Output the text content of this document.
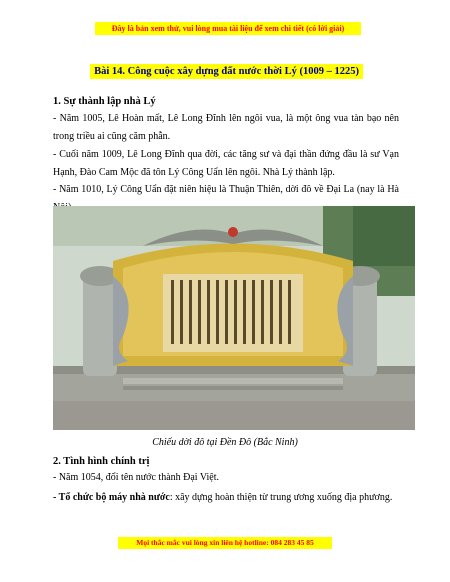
Đây là bản xem thử, vui lòng mua tài liệu để xem chi tiết (có lời giải)
Bài 14. Công cuộc xây dựng đất nước thời Lý (1009 – 1225)
1. Sự thành lập nhà Lý
- Năm 1005, Lê Hoàn mất, Lê Long Đĩnh lên ngôi vua, là một ông vua tàn bạo nên trong triều ai cũng căm phẫn.
- Cuối năm 1009, Lê Long Đĩnh qua đời, các tăng sư và đại thần đứng đầu là sư Vạn Hạnh, Đào Cam Mộc đã tôn Lý Công Uẩn lên ngôi. Nhà Lý thành lập.
- Năm 1010, Lý Công Uẩn đặt niên hiệu là Thuận Thiên, dời đô về Đại La (nay là Hà
Chiếu dời đô tại Đền Đô (Bắc Ninh)
2. Tình hình chính trị
- Năm 1054, đổi tên nước thành Đại Việt.
- Tổ chức bộ máy nhà nước: xây dựng hoàn thiện từ trung ương xuống địa phương.
Mọi thắc mắc vui lòng xin liên hệ hotline: 084 283 45 85
